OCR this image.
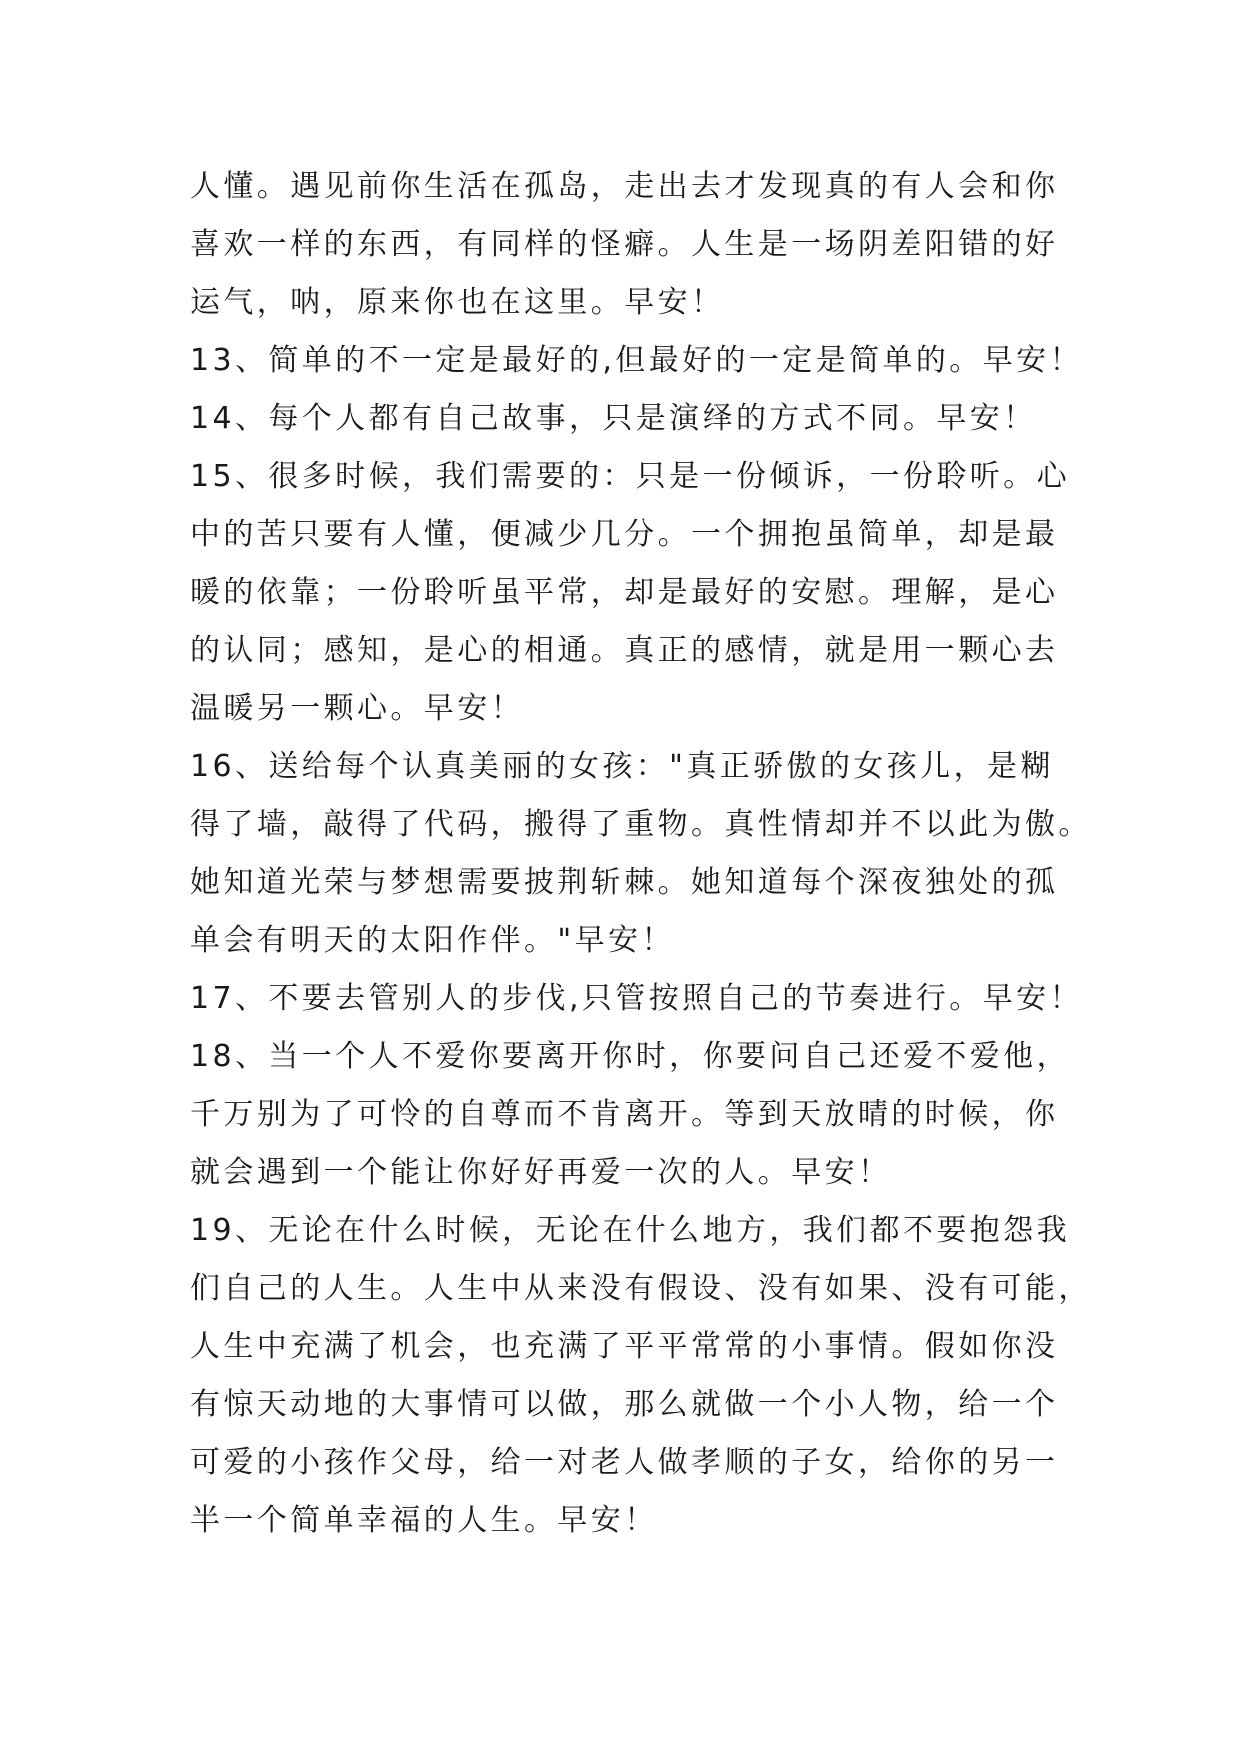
人懂。遇见前你生活在孤岛，走出去才发现真的有人会和你
喜欢一样的东西，有同样的怪癖。人生是一场阴差阳错的好
运气，呐，原来你也在这里。早安！
13、简单的不一定是最好的,但最好的一定是简单的。早安！
14、每个人都有自己故事，只是演绎的方式不同。早安！
15、很多时候，我们需要的：只是一份倾诉，一份聆听。心
中的苦只要有人懂，便减少几分。一个拥抱虽简单，却是最
暖的依靠；一份聆听虽平常，却是最好的安慰。理解，是心
的认同；感知，是心的相通。真正的感情，就是用一颗心去
温暖另一颗心。早安！
16、送给每个认真美丽的女孩："真正骄傲的女孩儿，是糊
得了墙，敲得了代码，搬得了重物。真性情却并不以此为傲。
她知道光荣与梦想需要披荆斩棘。她知道每个深夜独处的孤
单会有明天的太阳作伴。"早安！
17、不要去管别人的步伐,只管按照自己的节奏进行。早安！
18、当一个人不爱你要离开你时，你要问自己还爱不爱他，
千万别为了可怜的自尊而不肯离开。等到天放晴的时候，你
就会遇到一个能让你好好再爱一次的人。早安！
19、无论在什么时候，无论在什么地方，我们都不要抱怨我
们自己的人生。人生中从来没有假设、没有如果、没有可能，
人生中充满了机会，也充满了平平常常的小事情。假如你没
有惊天动地的大事情可以做，那么就做一个小人物，给一个
可爱的小孩作父母，给一对老人做孝顺的子女，给你的另一
半一个简单幸福的人生。早安！
